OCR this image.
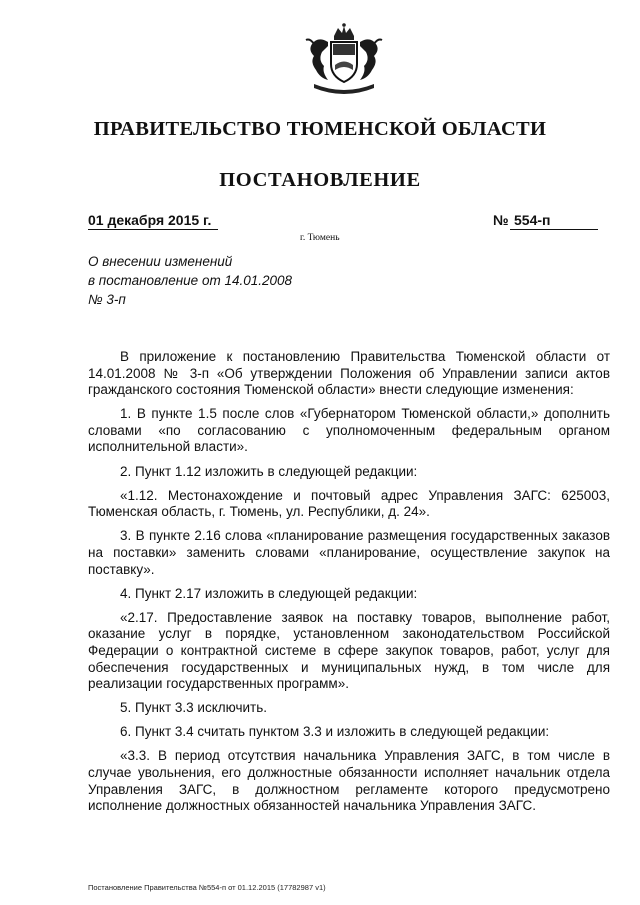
ПРАВИТЕЛЬСТВО ТЮМЕНСКОЙ ОБЛАСТИ
ПОСТАНОВЛЕНИЕ
01 декабря 2015 г.	№ 554-п
г. Тюмень
О внесении изменений
в постановление от 14.01.2008
№ 3-п

В приложение к постановлению Правительства Тюменской области от 14.01.2008 № 3-п «Об утверждении Положения об Управлении записи актов гражданского состояния Тюменской области» внести следующие изменения:

1. В пункте 1.5 после слов «Губернатором Тюменской области,» дополнить словами «по согласованию с уполномоченным федеральным органом исполнительной власти».

2. Пункт 1.12 изложить в следующей редакции:

«1.12. Местонахождение и почтовый адрес Управления ЗАГС: 625003, Тюменская область, г. Тюмень, ул. Республики, д. 24».

3. В пункте 2.16 слова «планирование размещения государственных заказов на поставки» заменить словами «планирование, осуществление закупок на поставку».

4. Пункт 2.17 изложить в следующей редакции:

«2.17. Предоставление заявок на поставку товаров, выполнение работ, оказание услуг в порядке, установленном законодательством Российской Федерации о контрактной системе в сфере закупок товаров, работ, услуг для обеспечения государственных и муниципальных нужд, в том числе для реализации государственных программ».

5. Пункт 3.3 исключить.

6. Пункт 3.4 считать пунктом 3.3 и изложить в следующей редакции:

«3.3. В период отсутствия начальника Управления ЗАГС, в том числе в случае увольнения, его должностные обязанности исполняет начальник отдела Управления ЗАГС, в должностном регламенте которого предусмотрено исполнение должностных обязанностей начальника Управления ЗАГС.

Постановление Правительства №554-п от 01.12.2015 (17782987 v1)
